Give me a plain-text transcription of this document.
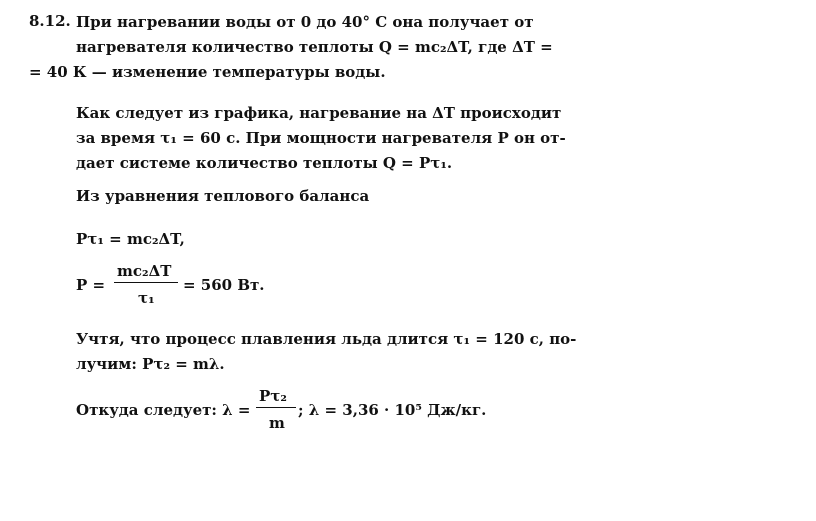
8.12. При нагревании воды от 0 до 40° С она получает от
нагревателя количество теплоты Q = mc₂ΔT, где ΔT =
= 40 К — изменение температуры воды.
Как следует из графика, нагревание на ΔT происходит
за время τ₁ = 60 с. При мощности нагревателя P он от-
дает системе количество теплоты Q = Pτ₁.
Из уравнения теплового баланса
Pτ₁ = mc₂ΔT,
P =
mc₂ΔT
τ₁
= 560 Вт.
Учтя, что процесс плавления льда длится τ₁ = 120 с, по-
лучим: Pτ₂ = mλ.
Откуда следует: λ =
Pτ₂
m
; λ = 3,36 · 10⁵ Дж/кг.
